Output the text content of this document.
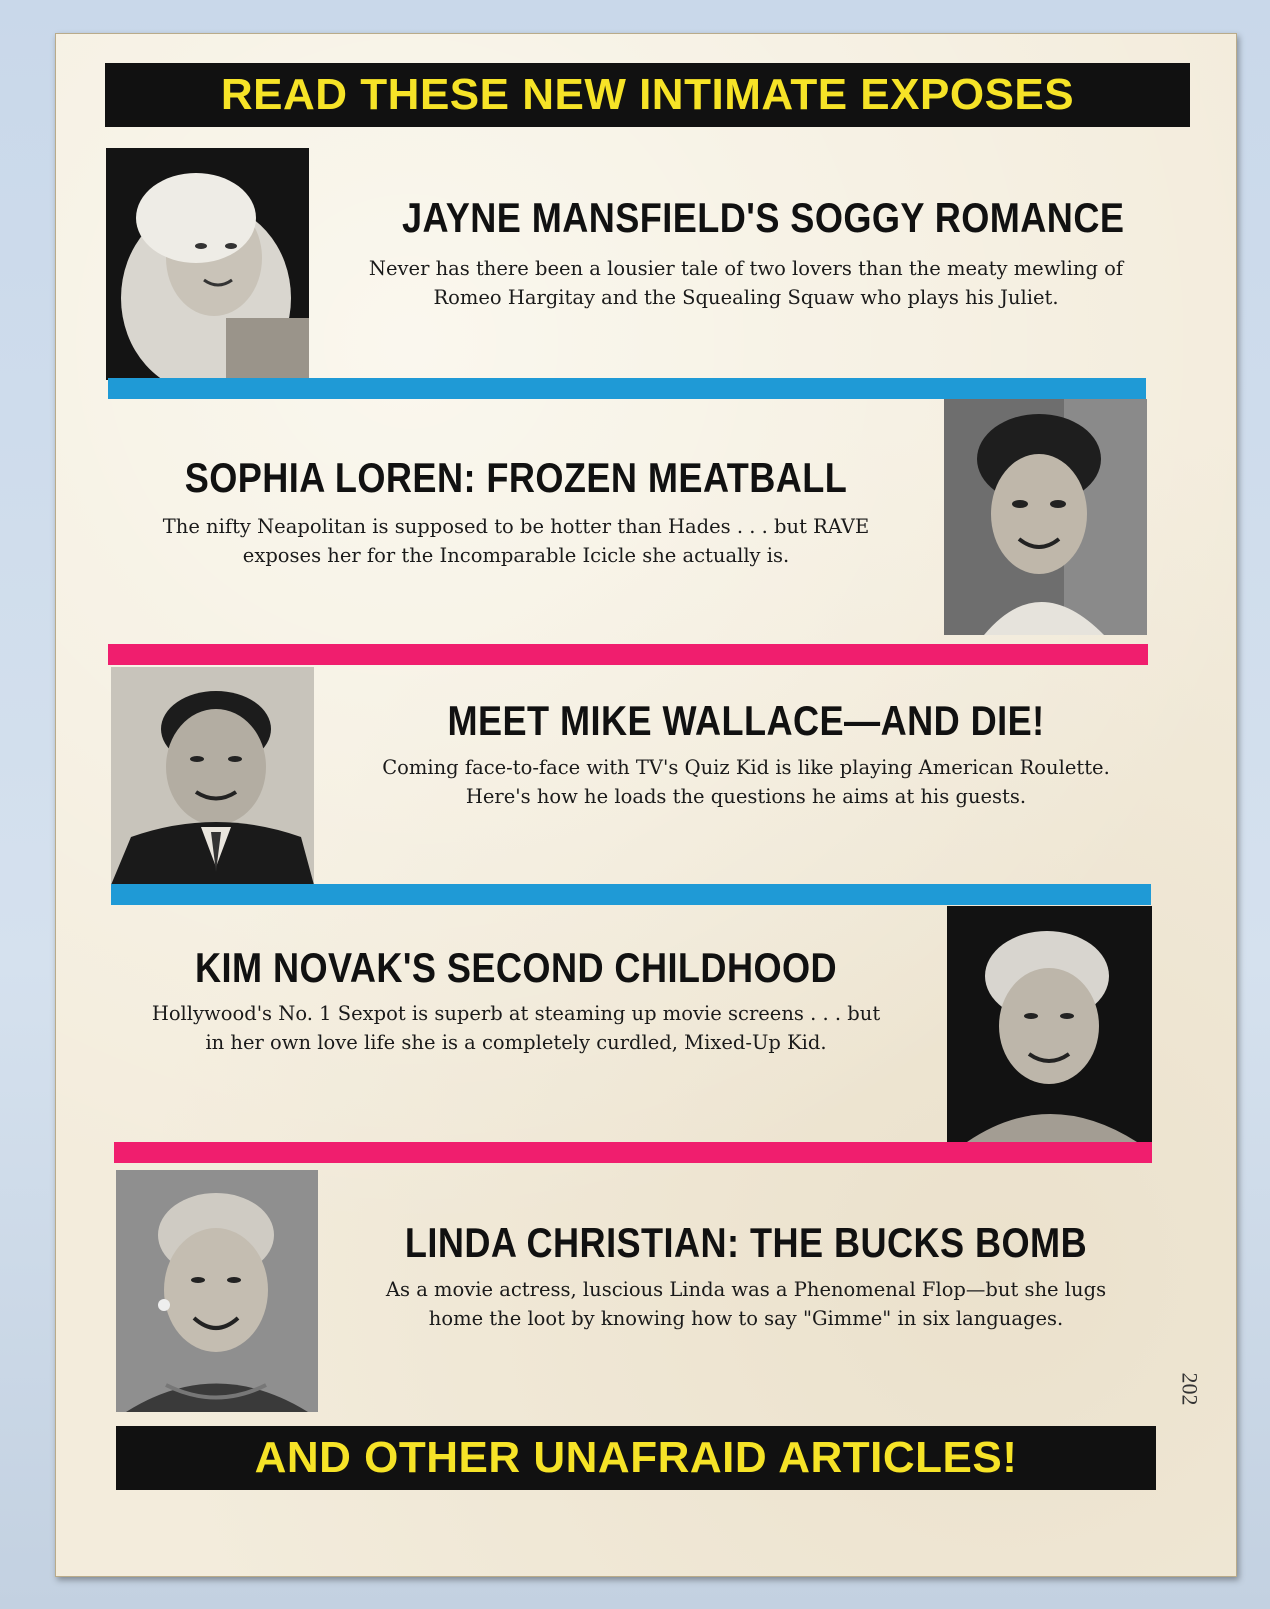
READ THESE NEW INTIMATE EXPOSES
JAYNE MANSFIELD'S SOGGY ROMANCE
Never has there been a lousier tale of two lovers than the meaty mewling of
Romeo Hargitay and the Squealing Squaw who plays his Juliet.
SOPHIA LOREN: FROZEN MEATBALL
The nifty Neapolitan is supposed to be hotter than Hades . . . but RAVE
exposes her for the Incomparable Icicle she actually is.
MEET MIKE WALLACE—AND DIE!
Coming face-to-face with TV's Quiz Kid is like playing American Roulette.
Here's how he loads the questions he aims at his guests.
KIM NOVAK'S SECOND CHILDHOOD
Hollywood's No. 1 Sexpot is superb at steaming up movie screens . . . but
in her own love life she is a completely curdled, Mixed-Up Kid.
LINDA CHRISTIAN: THE BUCKS BOMB
As a movie actress, luscious Linda was a Phenomenal Flop—but she lugs
home the loot by knowing how to say "Gimme" in six languages.
AND OTHER UNAFRAID ARTICLES!
202
